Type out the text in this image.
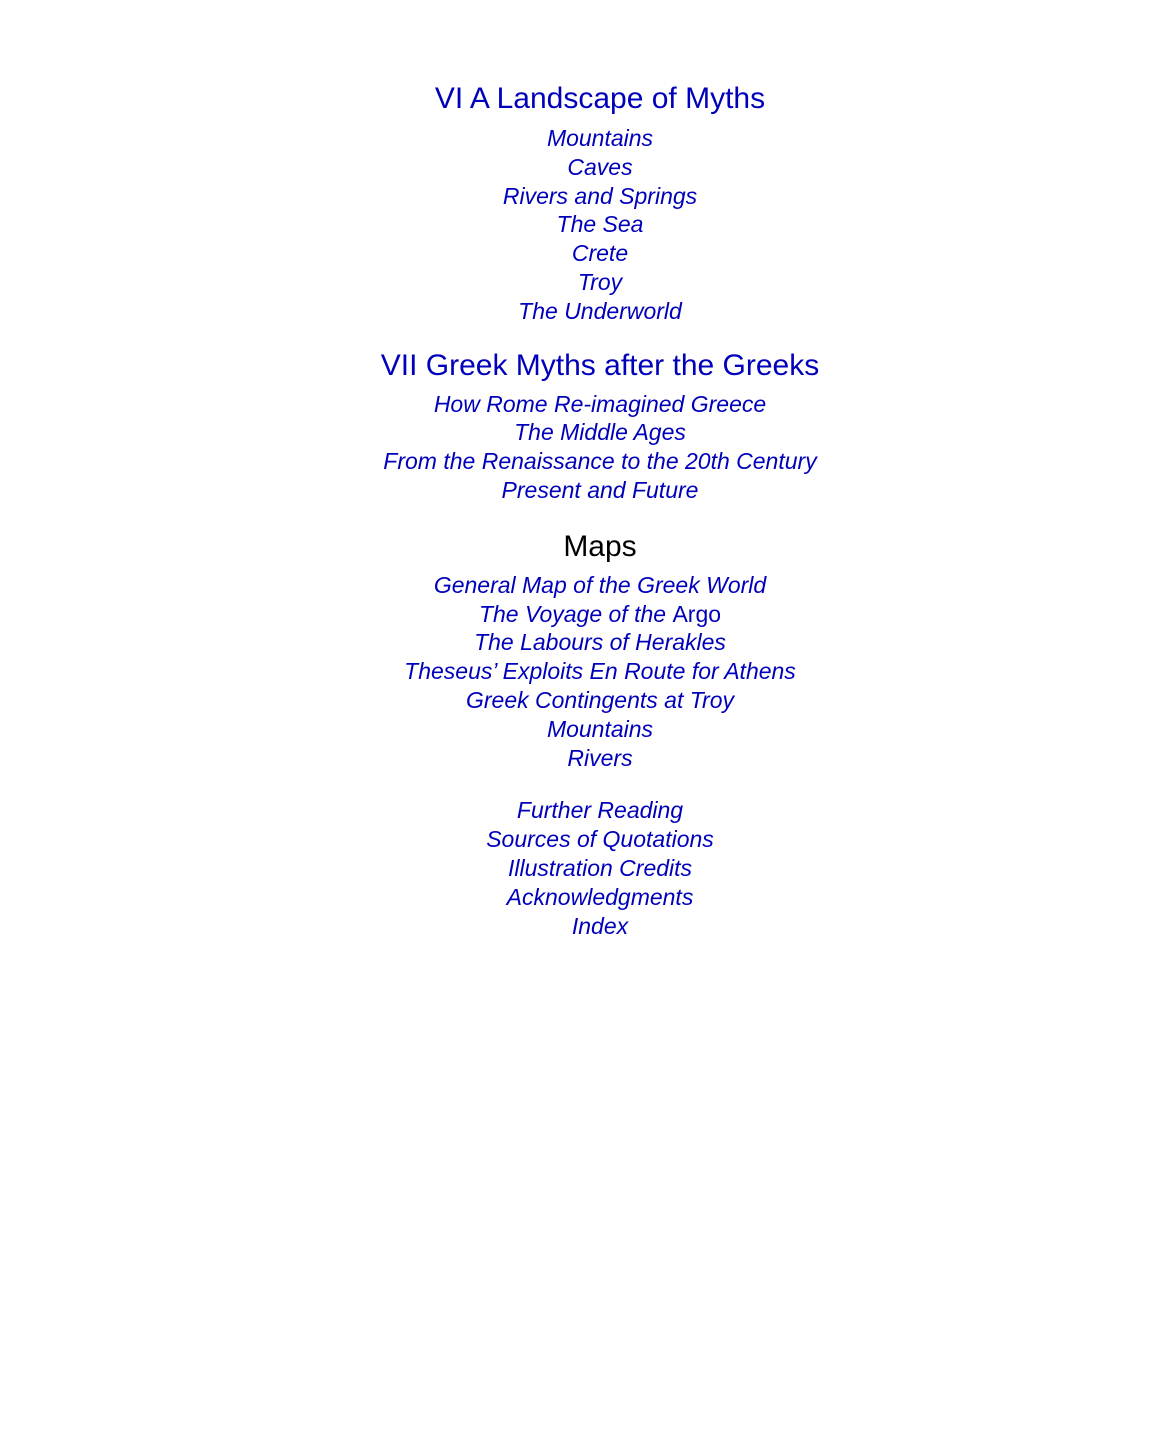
VI A Landscape of Myths
Mountains
Caves
Rivers and Springs
The Sea
Crete
Troy
The Underworld
VII Greek Myths after the Greeks
How Rome Re-imagined Greece
The Middle Ages
From the Renaissance to the 20th Century
Present and Future
Maps
General Map of the Greek World
The Voyage of the Argo
The Labours of Herakles
Theseus’ Exploits En Route for Athens
Greek Contingents at Troy
Mountains
Rivers
Further Reading
Sources of Quotations
Illustration Credits
Acknowledgments
Index
